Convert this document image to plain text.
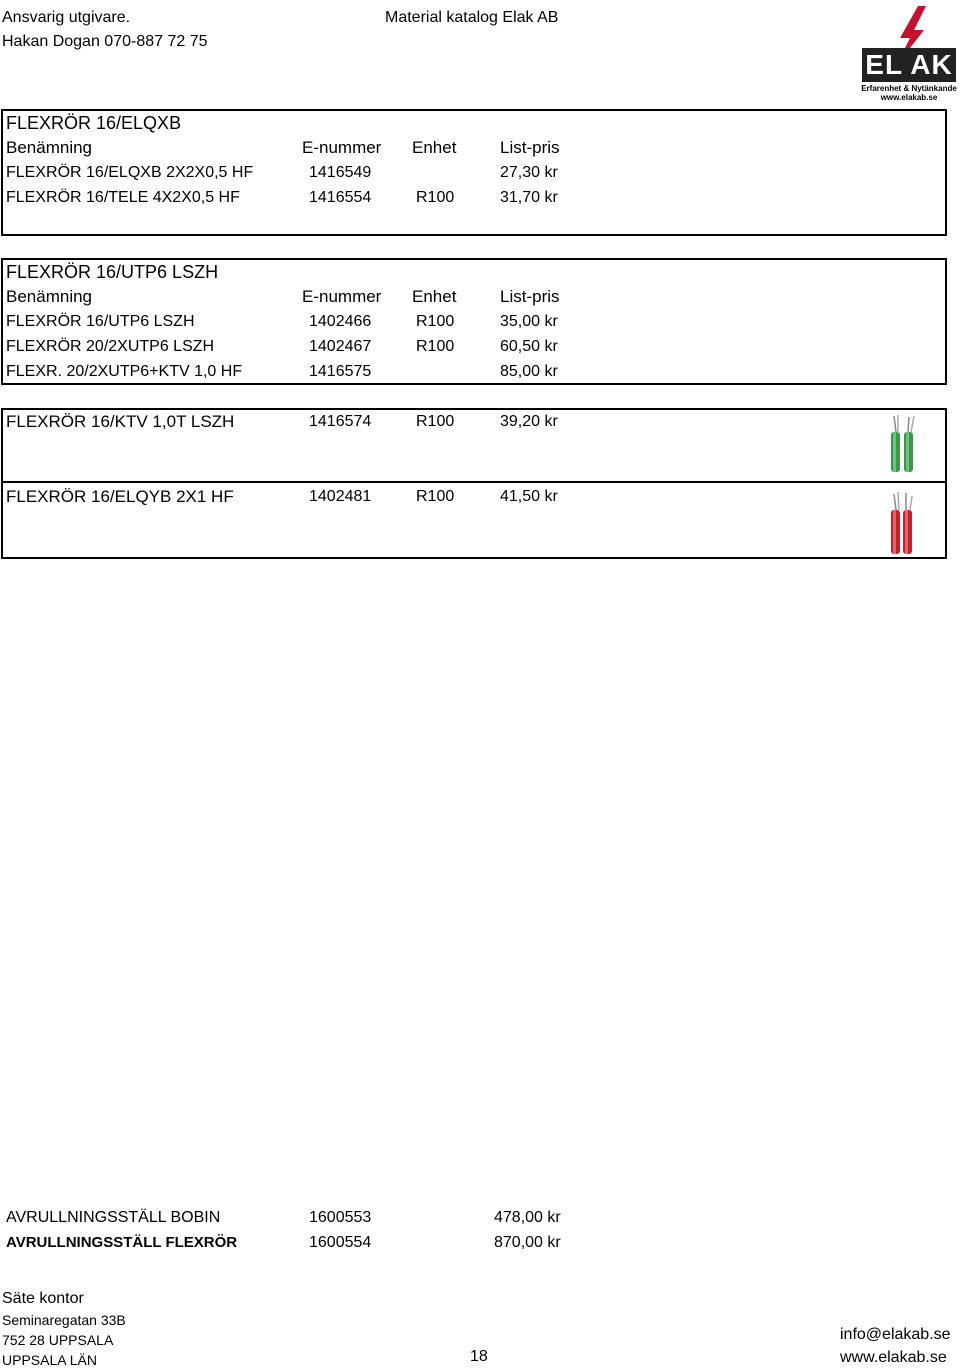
Ansvarig utgivare.
Hakan Dogan 070-887 72 75
Material katalog Elak AB
EL AK
Erfarenhet & Nytänkande
www.elakab.se
FLEXRÖR 16/ELQXB
Benämning	E-nummer Enhet	List-pris
FLEXRÖR 16/ELQXB 2X2X0,5 HF	1416549	27,30 kr
FLEXRÖR 16/TELE 4X2X0,5 HF	1416554	R100	31,70 kr
FLEXRÖR 16/UTP6 LSZH
Benämning	E-nummer Enhet	List-pris
FLEXRÖR 16/UTP6 LSZH	1402466	R100	35,00 kr
FLEXRÖR 20/2XUTP6 LSZH	1402467	R100	60,50 kr
FLEXR. 20/2XUTP6+KTV 1,0 HF	1416575	85,00 kr
FLEXRÖR 16/KTV 1,0T LSZH	1416574	R100	39,20 kr
FLEXRÖR 16/ELQYB 2X1 HF	1402481	R100	41,50 kr
AVRULLNINGSSTÄLL BOBIN	1600553	478,00 kr
AVRULLNINGSSTÄLL FLEXRÖR	1600554	870,00 kr
Säte kontor
Seminaregatan 33B
752 28 UPPSALA
UPPSALA LÄN	18
info@elakab.se
www.elakab.se
